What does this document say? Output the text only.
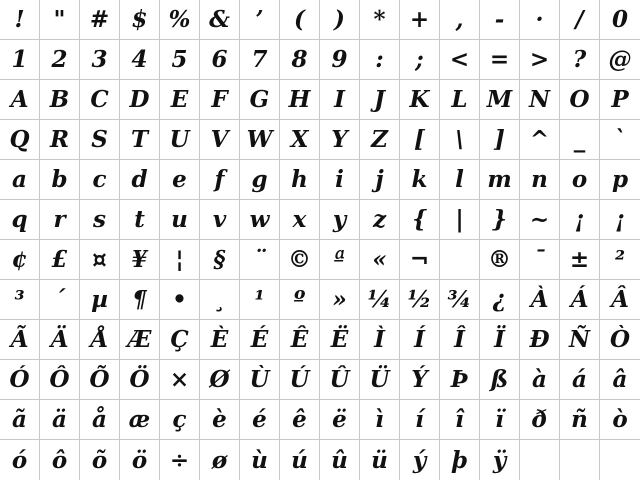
! " # $ % & ’ ( ) * + , - · / 0
1 2 3 4 5 6 7 8 9 : ; < = > ? @
A B C D E F G H I J K L M N O P
Q R S T U V W X Y Z [ \ ] ^ _ `
a b c d e f g h i j k l m n o p
q r s t u v w x y z { | } ~ ¡ ¡
¢ £ ¤ ¥ ¦ § ¨ © ª « ¬	® ¯ ± ²
³ ´ µ ¶ • ¸ ¹ º » ¼ ½ ¾ ¿ À Á Â
Ã Ä Å Æ Ç È É Ê Ë Ì Í Î Ï Ð Ñ Ò
Ó Ô Õ Ö × Ø Ù Ú Û Ü Ý Þ ß à á â
ã ä å æ ç è é ê ë ì í î ï ð ñ ò
ó ô õ ö ÷ ø ù ú û ü ý þ ÿ
